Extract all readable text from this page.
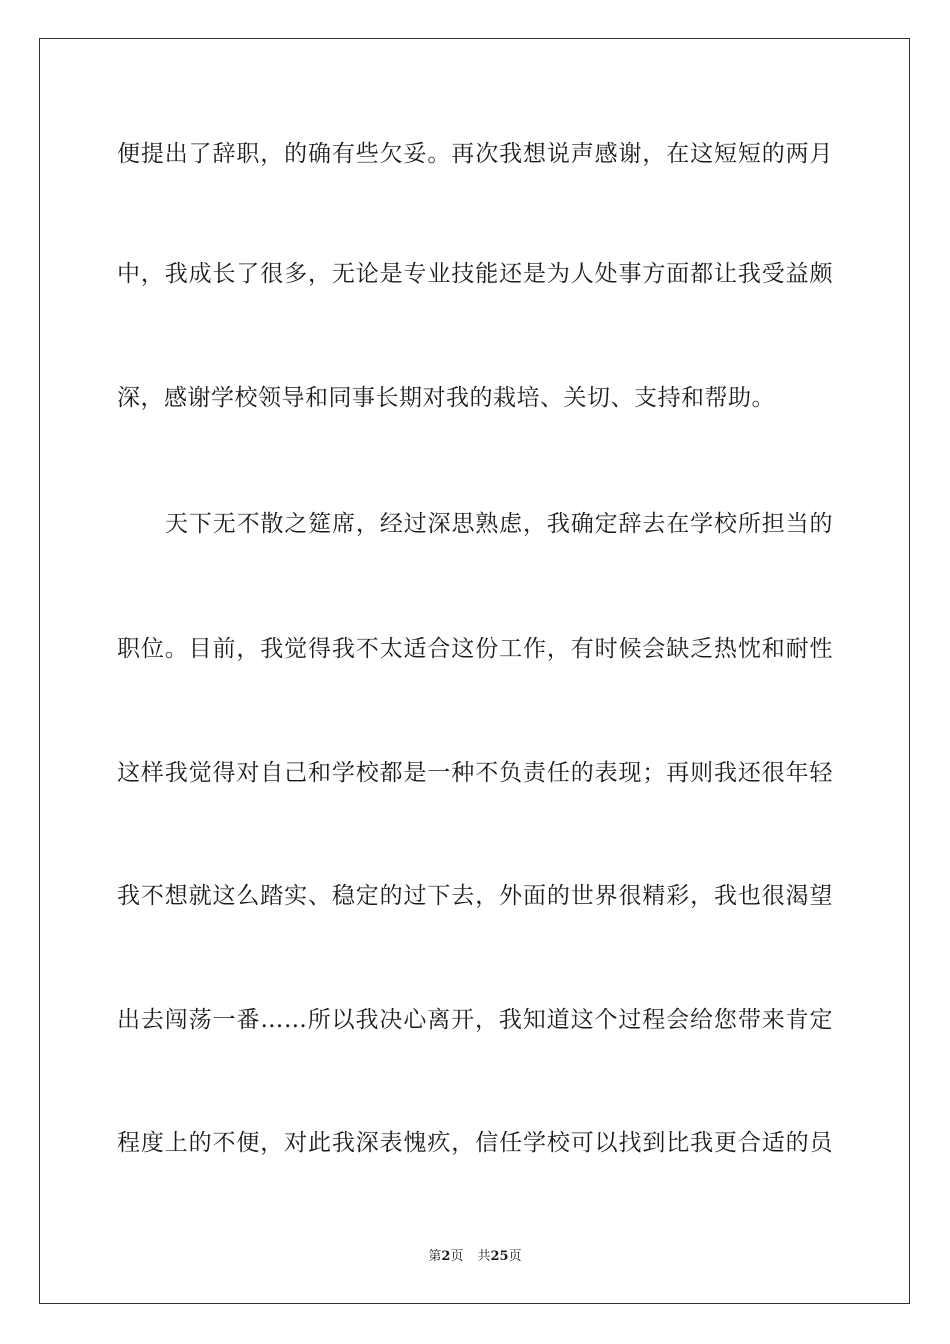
便提出了辞职，的确有些欠妥。再次我想说声感谢，在这短短的两月
中，我成长了很多，无论是专业技能还是为人处事方面都让我受益颇
深，感谢学校领导和同事长期对我的栽培、关切、支持和帮助。
天下无不散之筵席，经过深思熟虑，我确定辞去在学校所担当的
职位。目前，我觉得我不太适合这份工作，有时候会缺乏热忱和耐性
这样我觉得对自己和学校都是一种不负责任的表现；再则我还很年轻
我不想就这么踏实、稳定的过下去，外面的世界很精彩，我也很渴望
出去闯荡一番……所以我决心离开，我知道这个过程会给您带来肯定
程度上的不便，对此我深表愧疚，信任学校可以找到比我更合适的员
第2页 共25页
